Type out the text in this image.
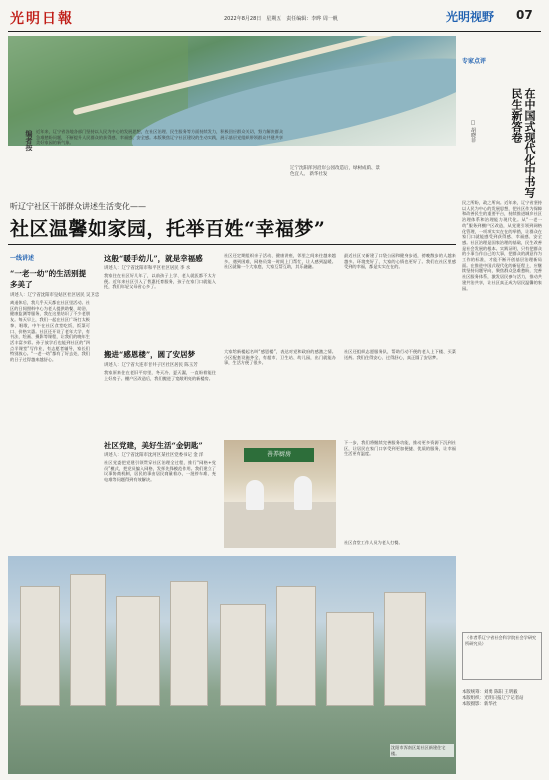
光明日報	2022年8月28日　星期五　责任编辑：李晔 周一帆	光明视野 07
辽宁沈阳浑河沿岸公园改造后，绿树成荫、景色宜人。 新华社发
编者按 近年来，辽宁省各地各部门坚持以人民为中心的发展思想，在社区治理、民生服务等方面持续发力，积极回应群众关切，努力解决群众急难愁盼问题，不断提升人民群众的获得感、幸福感、安全感。本版聚焦辽宁社区建设的生动实践，展示基层党组织带领群众共建共享美好家园的新气象。
专家点评
在中国式现代化中书写民生新答卷
□ 胡晓菲
民之所盼，政之所向。近年来，辽宁省坚持以人民为中心的发展思想，把社区作为保障和改善民生的重要平台，持续推进城乡社区治理体系和治理能力现代化。从“一老一幼”服务到棚户区改造，从党建引领到网格化管理，一项项实实在在的举措，让群众在家门口就能感受到获得感、幸福感、安全感。社区治理是国家治理的基础，民生改善是社会发展的根本。实践证明，只有把群众的小事当作自己的大事，把群众的满意作为工作的标准，才能不断开创基层治理新局面。在推进中国式现代化的新征程上，应继续坚持问题导向，聚焦群众急难愁盼，完善社区服务体系，激发居民参与活力，推动共建共治共享，让社区真正成为居民温馨的家园。
（作者系辽宁省社会科学院社会学研究所研究员）
本版统筹：刘勇 陈阳 王明毅
本版组织：光明日报辽宁记者站
本版摄影：新华社
听辽宁社区干部群众讲述生活变化——
社区温馨如家园，托举百姓“幸福梦”
一线讲述
“一老一幼”的生活别提多美了
讲述人：辽宁省沈阳市皇姑区社区居民 吴卫忠
离退休后，我几乎天天都在社区里活动。社区的日间照料中心为老人提供助餐、助浴、健康监测等服务，我在这里结识了不少老朋友。每天早上，我们一起在社区广场打太极拳、唱歌，中午在社区食堂吃饭，饭菜可口、价格实惠。社区还开设了老年大学，有书法、绘画、摄影等课程，让我们的晚年生活丰富多彩。孙子放学后也能到社区的“四点半课堂”写作业，有志愿者辅导，家长们特别放心。“一老一幼”都有了好去处，我们的日子过得越来越舒心。
这般“暖手幼儿”，就是幸福感
讲述人：辽宁省沈阳市和平区社区居民 李 水
我家住在社区好几年了，以前孩子上学、老人就医都不太方便。近年来社区引入了普惠托育服务，孩子在家门口就能入托，我们年轻父母省心多了。
社区还定期组织亲子活动、健康讲座，邻里之间来往越来越多。遇到困难，网格员第一时间上门帮忙，让人感到温暖。社区就像一个大家庭，大家互帮互助，其乐融融。
最近社区又新建了口袋公园和健身步道，傍晚散步的人越来越多。环境变好了，大家的心情也更好了。我们在社区里感受到的幸福，都是实实在在的。
搬进“感恩楼”，圆了安居梦
讲述人：辽宁省大连市甘井子区社区居民 陈玉芳
我家原来住在老旧平房里，冬天冷、夏天漏，一直盼着能住上好房子。棚户区改造后，我们搬进了宽敞明亮的新楼房。
大家给新楼起名叫“感恩楼”，表达对党和政府的感激之情。小区配套设施齐全，有超市、卫生站、幼儿园，出门就能办事，生活方便了很多。
社区还组织志愿服务队，帮助行动不便的老人上下楼、买菜送药。我们住得安心、过得舒心，真正圆了安居梦。
社区党建，美好生活“金钥匙”
讲述人：辽宁省沈阳市沈河区某社区党委书记 金 洋
社区党委把党建引领贯穿社区治理全过程，推行“网格+党员”模式，把党员编入网格，发挥先锋模范作用。我们建立了议事协商机制，居民的事由居民商量着办，一批停车难、充电难等问题得到有效解决。
善养厨房
下一步，我们将继续完善服务功能，推动更多资源下沉到社区，让居民在家门口享受到更加便捷、优质的服务，让幸福生活更有温度。
社区食堂工作人员为老人打餐。
沈阳市浑南区某社区新建住宅楼。
